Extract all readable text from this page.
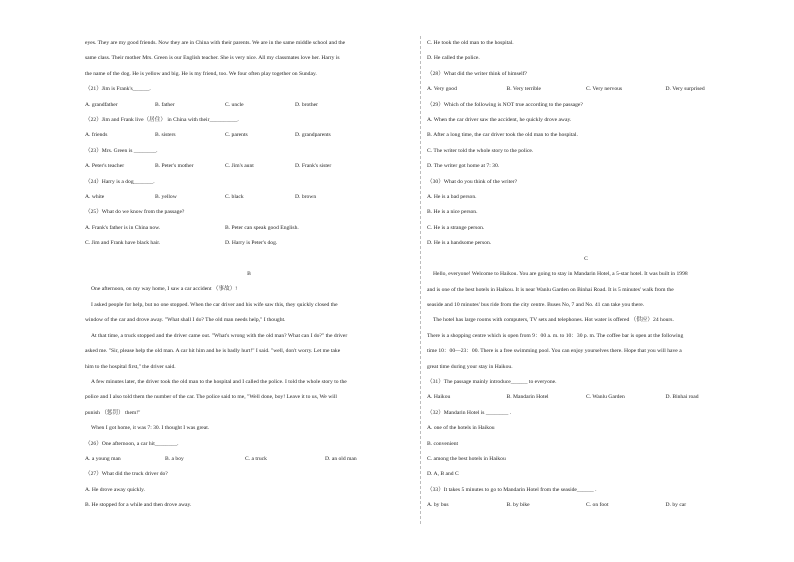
eyes. They are my good friends. Now they are in China with their parents. We are in the same middle school and the

same class. Their mother Mrs. Green is our English teacher. She is very nice. All my classmates love her. Harry is

the name of the dog. He is yellow and big. He is my friend, too. We four often play together on Sunday.

（21）Jim is Frank's______.

A. grandfather	B. father	C. uncle	D. brother

（22）Jim and Frank live（居住） in China with their__________.

A. friends	B. sisters	C. parents	D. grandparents

（23）Mrs. Green is ________.

A. Peter's teacher	B. Peter's mother	C. Jim's aunt	D. Frank's sister

（24）Harry is a dog_______.

A. white	B. yellow	C. black	D. brown

（25）What do we know from the passage?

A. Frank's father is in China now.	B. Peter can speak good English.
C. Jim and Frank have black hair.	D. Harry is Peter's dog.

B

One afternoon, on my way home, I saw a car accident （事故）!

I asked people for help, but no one stopped. When the car driver and his wife saw this, they quickly closed the

window of the car and drove away. "What shall I do? The old man needs help," I thought.

At that time, a truck stopped and the driver came out. "What's wrong with the old man? What can I do?" the driver

asked me. "Sir, please help the old man. A car hit him and he is badly hurt!" I said. "well, don't worry. Let me take

him to the hospital first," the driver said.

A few minutes later, the driver took the old man to the hospital and I called the police. I told the whole story to the

police and I also told them the number of the car. The police said to me, "Well done, boy! Leave it to us, We will

punish （惩罚） them!"

When I got home, it was 7: 30. I thought I was great.

（26）One afternoon, a car hit________.

A. a young man	B. a boy	C. a truck	D. an old man

（27）What did the truck driver do?

A. He drove away quickly.

B. He stopped for a while and then drove away.

C. He took the old man to the hospital.

D. He called the police.

（28）What did the writer think of himself?

A. Very good	B. Very terrible	C. Very nervous	D. Very surprised

（29）Which of the following is NOT true according to the passage?

A. When the car driver saw the accident, he quickly drove away.

B. After a long time, the car driver took the old man to the hospital.

C. The writer told the whole story to the police.

D. The writer got home at 7: 30.

（30）What do you think of the writer?

A. He is a bad person.

B. He is a nice person.

C. He is a strange person.

D. He is a handsome person.

C

Hello, everyone! Welcome to Haikou. You are going to stay in Mandarin Hotel, a 5-star hotel. It was built in 1998

and is one of the best hotels in Haikou. It is near Wanlu Garden on Binhai Road. It is 5 minutes' walk from the

seaside and 10 minutes' bus ride from the city centre. Buses No, 7 and No. 41 can take you there.

The hotel has large rooms with computers, TV sets and telephones. Hot water is offered （供应）24 hours.

There is a shopping centre which is open from 9：00 a. m. to 10：30 p. m. The coffee bar is open at the following

time 10：00—23：00. There is a free swimming pool. You can enjoy yourselves there. Hope that you will have a

great time during your stay in Haikou.

（31）The passage mainly introduce______ to everyone.

A. Haikou	B. Mandarin Hotel	C. Wanlu Garden	D. Binhai road

（32）Mandarin Hotel is ________ .

A. one of the hotels in Haikou

B. convenient

C. among the best hotels in Haikou

D. A, B and C

（33）It takes 5 minutes to go to Mandarin Hotel from the seaside______ .

A. by bus	B. by bike	C. on foot	D. by car
